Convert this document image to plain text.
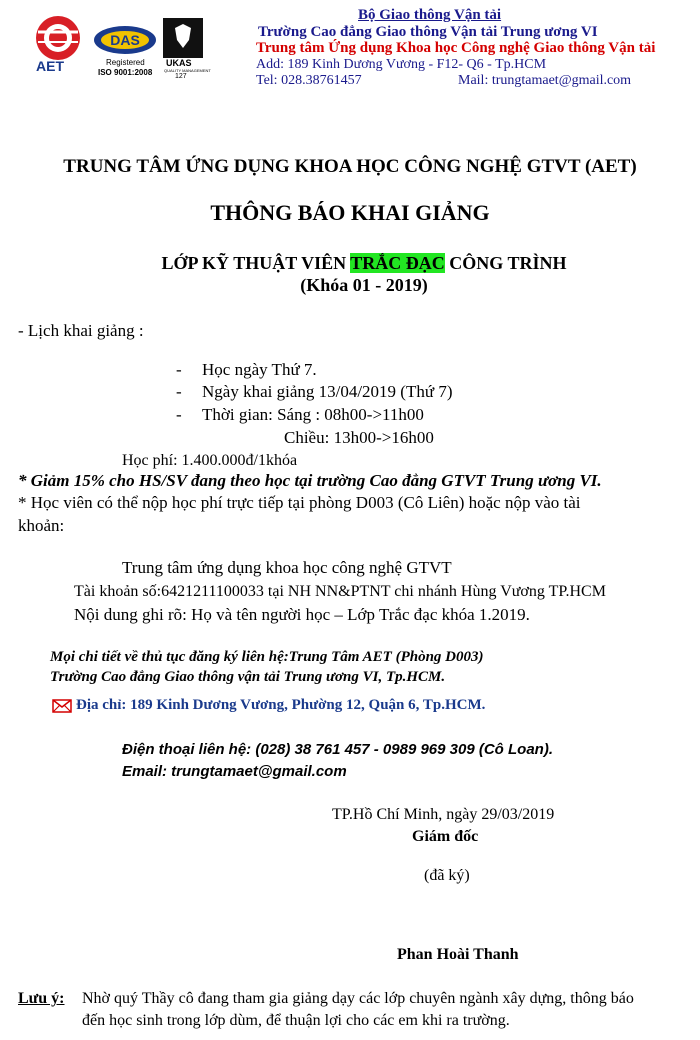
AET
DAS
Registered
ISO 9001:2008
UKAS
QUALITY MANAGEMENT
127
Bộ Giao thông Vận tải
Trường Cao đẳng Giao thông Vận tải Trung ương VI
Trung tâm Ứng dụng Khoa học Công nghệ Giao thông Vận tải
Add: 189 Kinh Dương Vương - F12- Q6 - Tp.HCM
Tel: 028.38761457	Mail: trungtamaet@gmail.com
TRUNG TÂM ỨNG DỤNG KHOA HỌC CÔNG NGHỆ GTVT (AET)
THÔNG BÁO KHAI GIẢNG
LỚP KỸ THUẬT VIÊN TRẮC ĐẠC CÔNG TRÌNH
(Khóa 01 - 2019)
- Lịch khai giảng :
- Học ngày Thứ 7.
- Ngày khai giảng 13/04/2019 (Thứ 7)
- Thời gian: Sáng : 08h00->11h00
Chiều: 13h00->16h00
Học phí: 1.400.000đ/1khóa
* Giảm 15% cho HS/SV đang theo học tại trường Cao đẳng GTVT Trung ương VI.
* Học viên có thể nộp học phí trực tiếp tại phòng D003 (Cô Liên) hoặc nộp vào tài
khoản:
Trung tâm ứng dụng khoa học công nghệ GTVT
Tài khoản số:6421211100033 tại NH NN&PTNT chi nhánh Hùng Vương TP.HCM
Nội dung ghi rõ: Họ và tên người học – Lớp Trắc đạc khóa 1.2019.
Mọi chi tiết về thủ tục đăng ký liên hệ:Trung Tâm AET (Phòng D003)
Trường Cao đẳng Giao thông vận tải Trung ương VI, Tp.HCM.
Địa chỉ: 189 Kinh Dương Vương, Phường 12, Quận 6, Tp.HCM.
Điện thoại liên hệ: (028) 38 761 457 - 0989 969 309 (Cô Loan).
Email: trungtamaet@gmail.com
TP.Hồ Chí Minh, ngày 29/03/2019
Giám đốc
(đã ký)
Phan Hoài Thanh
Lưu ý: Nhờ quý Thầy cô đang tham gia giảng dạy các lớp chuyên ngành xây dựng, thông báo
đến học sinh trong lớp dùm, để thuận lợi cho các em khi ra trường.
